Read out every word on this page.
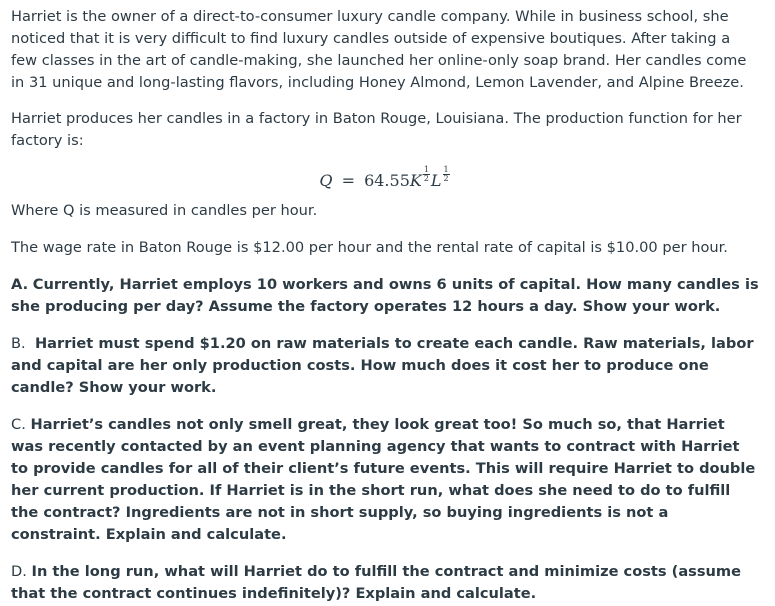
Harriet is the owner of a direct-to-consumer luxury candle company. While in business school, she noticed that it is very difficult to find luxury candles outside of expensive boutiques. After taking a few classes in the art of candle-making, she launched her online-only soap brand. Her candles come in 31 unique and long-lasting flavors, including Honey Almond, Lemon Lavender, and Alpine Breeze.

Harriet produces her candles in a factory in Baton Rouge, Louisiana. The production function for her factory is:

$Q = 64.55K \frac{1}{2}$ L $\frac{1}{2}$

Where Q is measured in candles per hour.

The wage rate in Baton Rouge is $12.00 per hour and the rental rate of capital is $10.00 per hour.

A. Currently, Harriet employs 10 workers and owns 6 units of capital. How many candles is she producing per day? Assume the factory operates 12 hours a day. Show your work.

B. Harriet must spend $1.20 on raw materials to create each candle. Raw materials, labor and capital are her only production costs. How much does it cost her to produce one candle? Show your work.

C. Harriet’s candles not only smell great, they look great too! So much so, that Harriet was recently contacted by an event planning agency that wants to contract with Harriet to provide candles for all of their client’s future events. This will require Harriet to double her current production. If Harriet is in the short run, what does she need to do to fulfill the contract? Ingredients are not in short supply, so buying ingredients is not a constraint. Explain and calculate.

D. In the long run, what will Harriet do to fulfill the contract and minimize costs (assume that the contract continues indefinitely)? Explain and calculate.
